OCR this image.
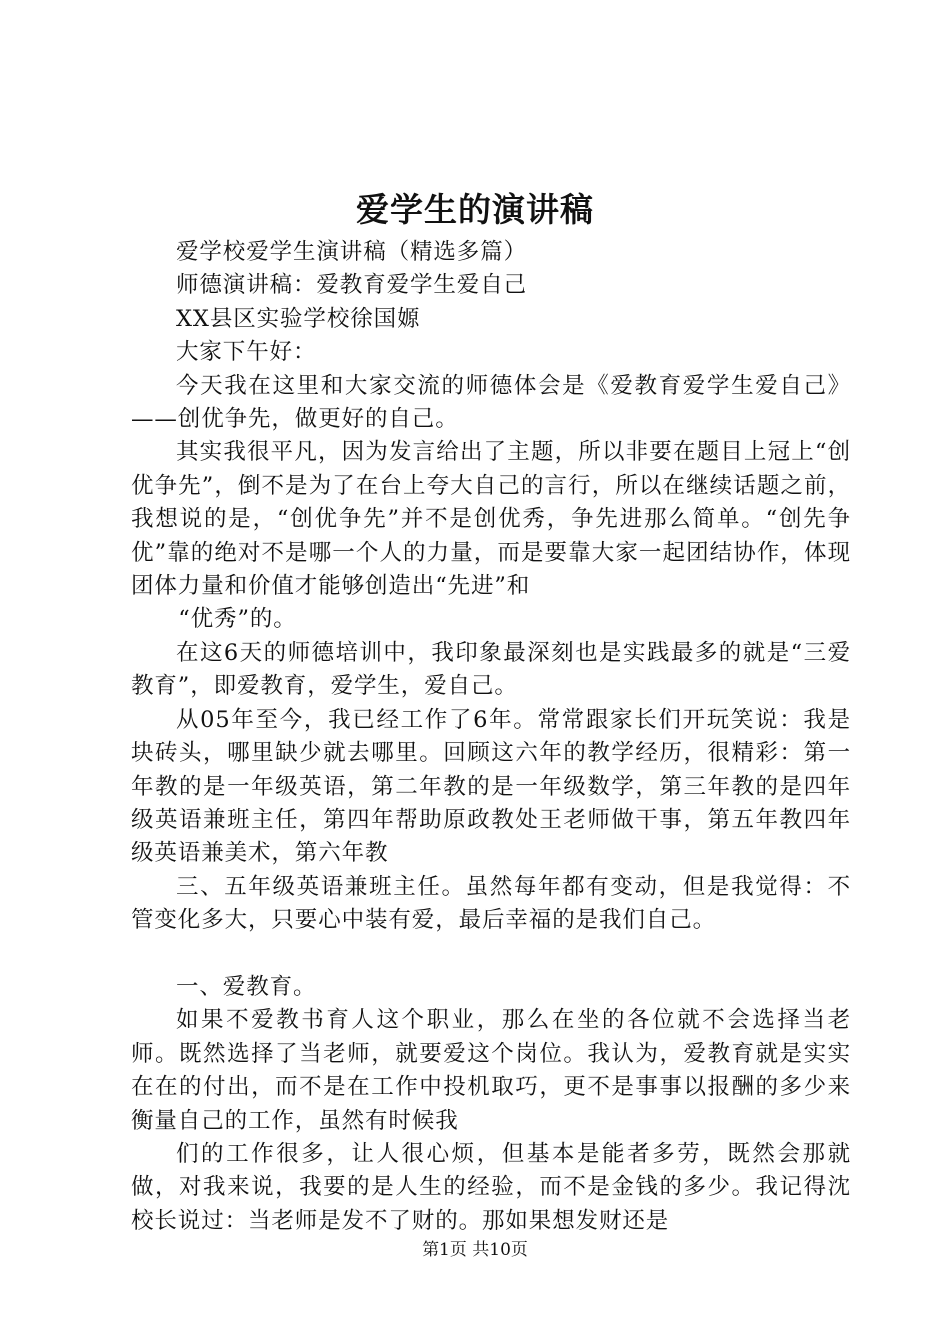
爱学生的演讲稿

爱学校爱学生演讲稿（精选多篇）

师德演讲稿：爱教育爱学生爱自己

XX县区实验学校徐国嫄

大家下午好：

今天我在这里和大家交流的师德体会是《爱教育爱学生爱自己》——创优争先，做更好的自己。

其实我很平凡，因为发言给出了主题，所以非要在题目上冠上“创优争先”，倒不是为了在台上夸大自己的言行，所以在继续话题之前，我想说的是，“创优争先”并不是创优秀，争先进那么简单。“创先争优”靠的绝对不是哪一个人的力量，而是要靠大家一起团结协作，体现团体力量和价值才能够创造出“先进”和

“优秀”的。

在这6天的师德培训中，我印象最深刻也是实践最多的就是“三爱教育”，即爱教育，爱学生，爱自己。

从05年至今，我已经工作了6年。常常跟家长们开玩笑说：我是块砖头，哪里缺少就去哪里。回顾这六年的教学经历，很精彩：第一年教的是一年级英语，第二年教的是一年级数学，第三年教的是四年级英语兼班主任，第四年帮助原政教处王老师做干事，第五年教四年级英语兼美术，第六年教

三、五年级英语兼班主任。虽然每年都有变动，但是我觉得：不管变化多大，只要心中装有爱，最后幸福的是我们自己。

一、爱教育。

如果不爱教书育人这个职业，那么在坐的各位就不会选择当老师。既然选择了当老师，就要爱这个岗位。我认为，爱教育就是实实在在的付出，而不是在工作中投机取巧，更不是事事以报酬的多少来衡量自己的工作，虽然有时候我

们的工作很多，让人很心烦，但基本是能者多劳，既然会那就做，对我来说，我要的是人生的经验，而不是金钱的多少。我记得沈校长说过：当老师是发不了财的。那如果想发财还是

第1页 共10页
